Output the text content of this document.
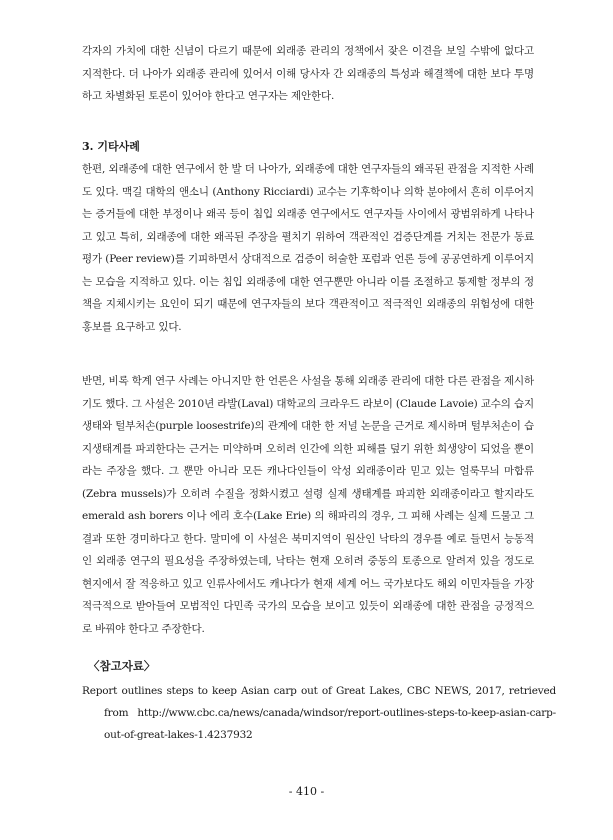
각자의 가치에 대한 신념이 다르기 때문에 외래종 관리의 정책에서 잦은 이견을 보일 수밖에 없다고 지적한다. 더 나아가 외래종 관리에 있어서 이해 당사자 간 외래종의 특성과 해결책에 대한 보다 투명하고 차별화된 토론이 있어야 한다고 연구자는 제안한다.

3. 기타사례

한편, 외래종에 대한 연구에서 한 발 더 나아가, 외래종에 대한 연구자들의 왜곡된 관점을 지적한 사례도 있다. 맥길 대학의 앤소니 (Anthony Ricciardi) 교수는 기후학이나 의학 분야에서 흔히 이루어지는 증거들에 대한 부정이나 왜곡 등이 침입 외래종 연구에서도 연구자들 사이에서 광범위하게 나타나고 있고 특히, 외래종에 대한 왜곡된 주장을 펼치기 위하여 객관적인 검증단계를 거치는 전문가 동료 평가 (Peer review)를 기피하면서 상대적으로 검증이 허술한 포럼과 언론 등에 공공연하게 이루어지는 모습을 지적하고 있다. 이는 침입 외래종에 대한 연구뿐만 아니라 이를 조절하고 통제할 정부의 정책을 지체시키는 요인이 되기 때문에 연구자들의 보다 객관적이고 적극적인 외래종의 위험성에 대한 홍보를 요구하고 있다.

반면, 비록 학계 연구 사례는 아니지만 한 언론은 사설을 통해 외래종 관리에 대한 다른 관점을 제시하기도 했다. 그 사설은 2010년 라발(Laval) 대학교의 크라우드 라보이 (Claude Lavoie) 교수의 습지 생태와 털부처손(purple loosestrife)의 관계에 대한 한 저널 논문을 근거로 제시하며 털부처손이 습지생태계를 파괴한다는 근거는 미약하며 오히려 인간에 의한 피해를 덮기 위한 희생양이 되었을 뿐이라는 주장을 했다. 그 뿐만 아니라 모든 캐나다인들이 악성 외래종이라 믿고 있는 얼룩무늬 마합류 (Zebra mussels)가 오히려 수질을 정화시켰고 설령 실제 생태계를 파괴한 외래종이라고 할지라도 emerald ash borers 이나 에리 호수(Lake Erie) 의 해파리의 경우, 그 피해 사례는 실제 드물고 그 결과 또한 경미하다고 한다. 말미에 이 사설은 북미지역이 원산인 낙타의 경우를 예로 들면서 능동적인 외래종 연구의 필요성을 주장하였는데, 낙타는 현재 오히려 중동의 토종으로 알려져 있을 정도로 현지에서 잘 적응하고 있고 인류사에서도 캐나다가 현재 세계 어느 국가보다도 해외 이민자들을 가장 적극적으로 받아들여 모범적인 다민족 국가의 모습을 보이고 있듯이 외래종에 대한 관점을 긍정적으로 바꿔야 한다고 주장한다.

〈참고자료〉

Report outlines steps to keep Asian carp out of Great Lakes, CBC NEWS, 2017, retrieved from http://www.cbc.ca/news/canada/windsor/report-outlines-steps-to-keep-asian-carp-out-of-great-lakes-1.4237932

- 410 -
